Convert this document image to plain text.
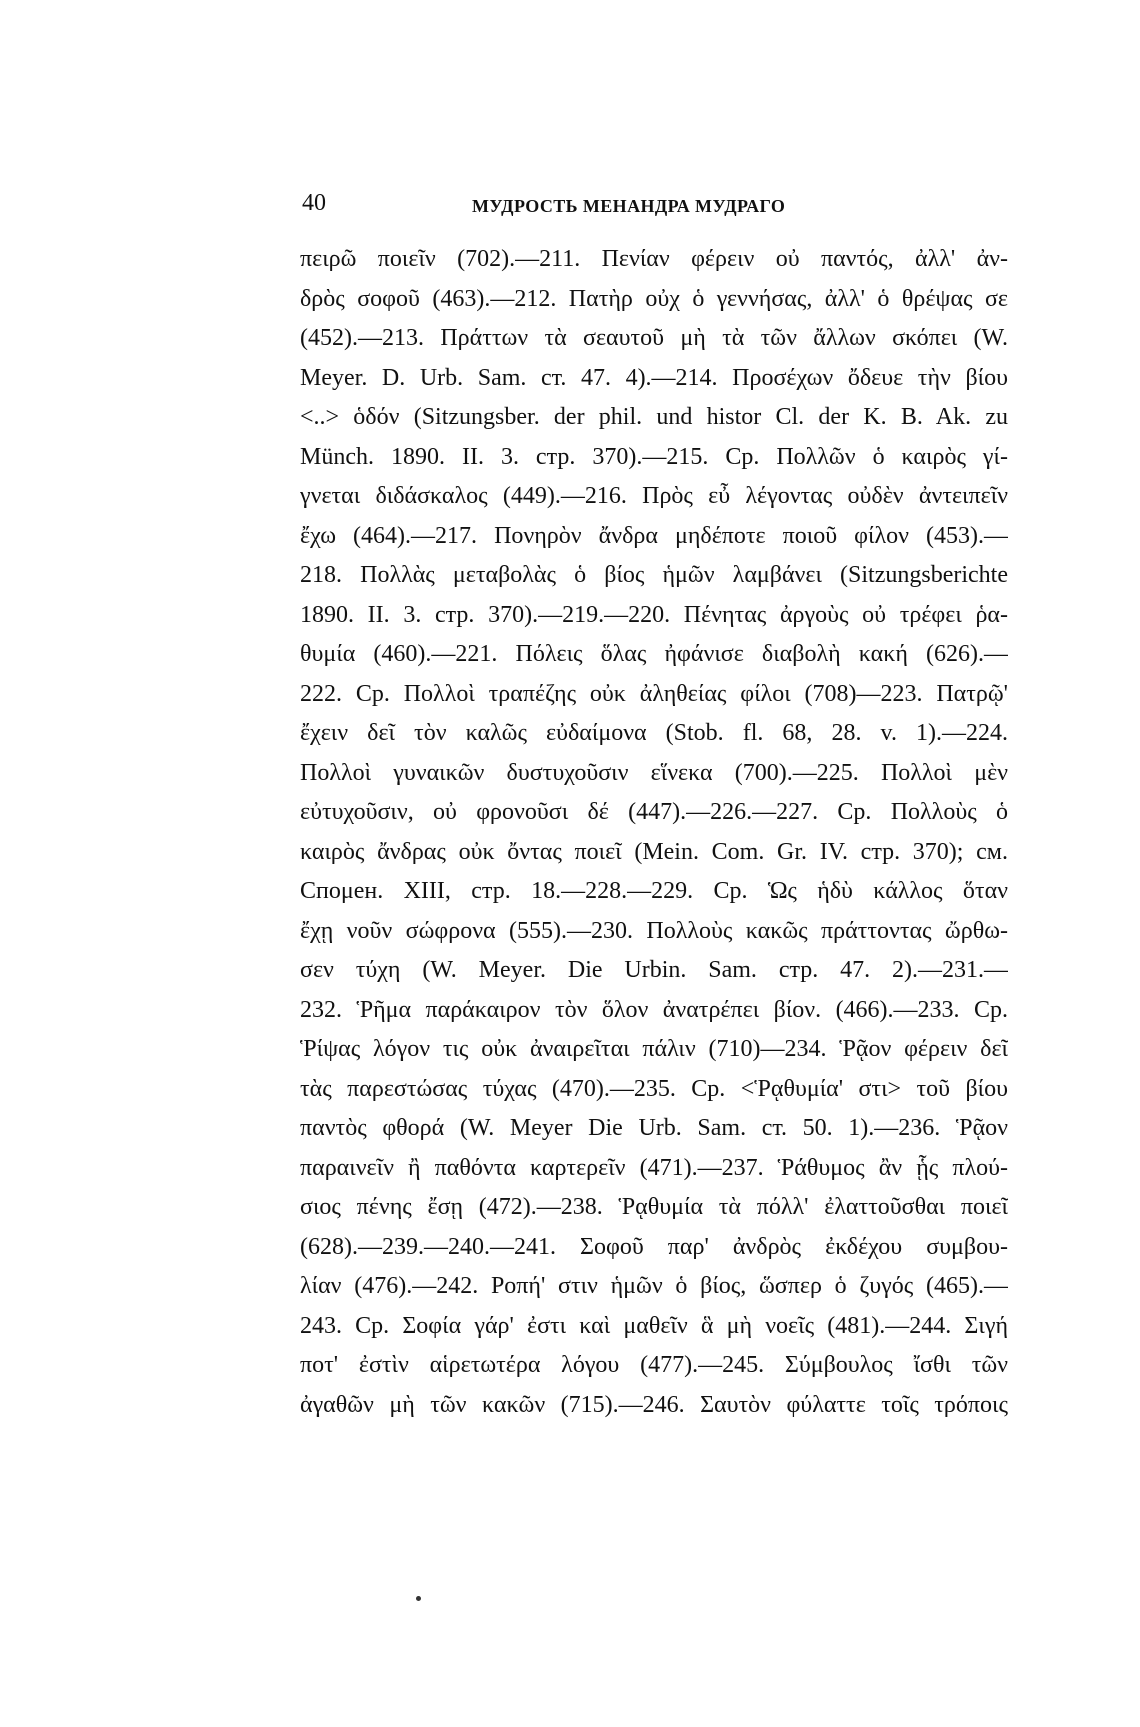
40	МУДРОСТЬ МЕНАНДРА МУДРАГО
πειρῶ ποιεῖν (702).—211. Πενίαν φέρειν οὐ παντός, ἀλλ' ἀν-
δρὸς σοφοῦ (463).—212. Πατὴρ οὐχ ὁ γεννήσας, ἀλλ' ὁ θρέψας σε
(452).—213. Πράττων τὰ σεαυτοῦ μὴ τὰ τῶν ἄλλων σκόπει (W.
Meyer. D. Urb. Sam. ст. 47. 4).—214. Προσέχων ὄδευε τὴν βίου
<..> ὁδόν (Sitzungsber. der phil. und histor Cl. der K. B. Ak. zu
Münch. 1890. II. 3. стр. 370).—215. Ср. Πολλῶν ὁ καιρὸς γί-
γνεται διδάσκαλος (449).—216. Πρὸς εὖ λέγοντας οὐδὲν ἀντειπεῖν
ἔχω (464).—217. Πονηρὸν ἄνδρα μηδέποτε ποιοῦ φίλον (453).—
218. Πολλὰς μεταβολὰς ὁ βίος ἡμῶν λαμβάνει (Sitzungsberichte
1890. II. 3. стр. 370).—219.—220. Πένητας ἀργοὺς οὐ τρέφει ῥα-
θυμία (460).—221. Πόλεις ὅλας ἠφάνισε διαβολὴ κακή (626).—
222. Ср. Πολλοὶ τραπέζης οὐκ ἀληθείας φίλοι (708)—223. Πατρῷ'
ἔχειν δεῖ τὸν καλῶς εὐδαίμονα (Stob. fl. 68, 28. v. 1).—224.
Πολλοὶ γυναικῶν δυστυχοῦσιν εἵνεκα (700).—225. Πολλοὶ μὲν
εὐτυχοῦσιν, οὐ φρονοῦσι δέ (447).—226.—227. Ср. Πολλοὺς ὁ
καιρὸς ἄνδρας οὐκ ὄντας ποιεῖ (Mein. Com. Gr. IV. стр. 370); см.
Споμен. XIII, стр. 18.—228.—229. Ср. Ὡς ἡδὺ κάλλος ὅταν
ἔχῃ νοῦν σώφρονα (555).—230. Πολλοὺς κακῶς πράττοντας ὤρθω-
σεν τύχη (W. Meyer. Die Urbin. Sam. стр. 47. 2).—231.—
232. Ῥῆμα παράκαιρον τὸν ὅλον ἀνατρέπει βίον. (466).—233. Ср.
Ῥίψας λόγον τις οὐκ ἀναιρεῖται πάλιν (710)—234. Ῥᾷον φέρειν δεῖ
τὰς παρεστώσας τύχας (470).—235. Ср. <Ῥᾳθυμία' στι> τοῦ βίου
παντὸς φθορά (W. Meyer Die Urb. Sam. ст. 50. 1).—236. Ῥᾷον
παραινεῖν ἢ παθόντα καρτερεῖν (471).—237. Ῥάθυμος ἂν ᾗς πλού-
σιος πένης ἔσῃ (472).—238. Ῥᾳθυμία τὰ πόλλ' ἐλαττοῦσθαι ποιεῖ
(628).—239.—240.—241. Σοφοῦ παρ' ἀνδρὸς ἐκδέχου συμβου-
λίαν (476).—242. Ροπή' στιν ἡμῶν ὁ βίος, ὥσπερ ὁ ζυγός (465).—
243. Ср. Σοφία γάρ' ἐστι καὶ μαθεῖν ἃ μὴ νοεῖς (481).—244. Σιγή
ποτ' ἐστὶν αἱρετωτέρα λόγου (477).—245. Σύμβουλος ἴσθι τῶν
ἀγαθῶν μὴ τῶν κακῶν (715).—246. Σαυτὸν φύλαττε τοῖς τρόποις
